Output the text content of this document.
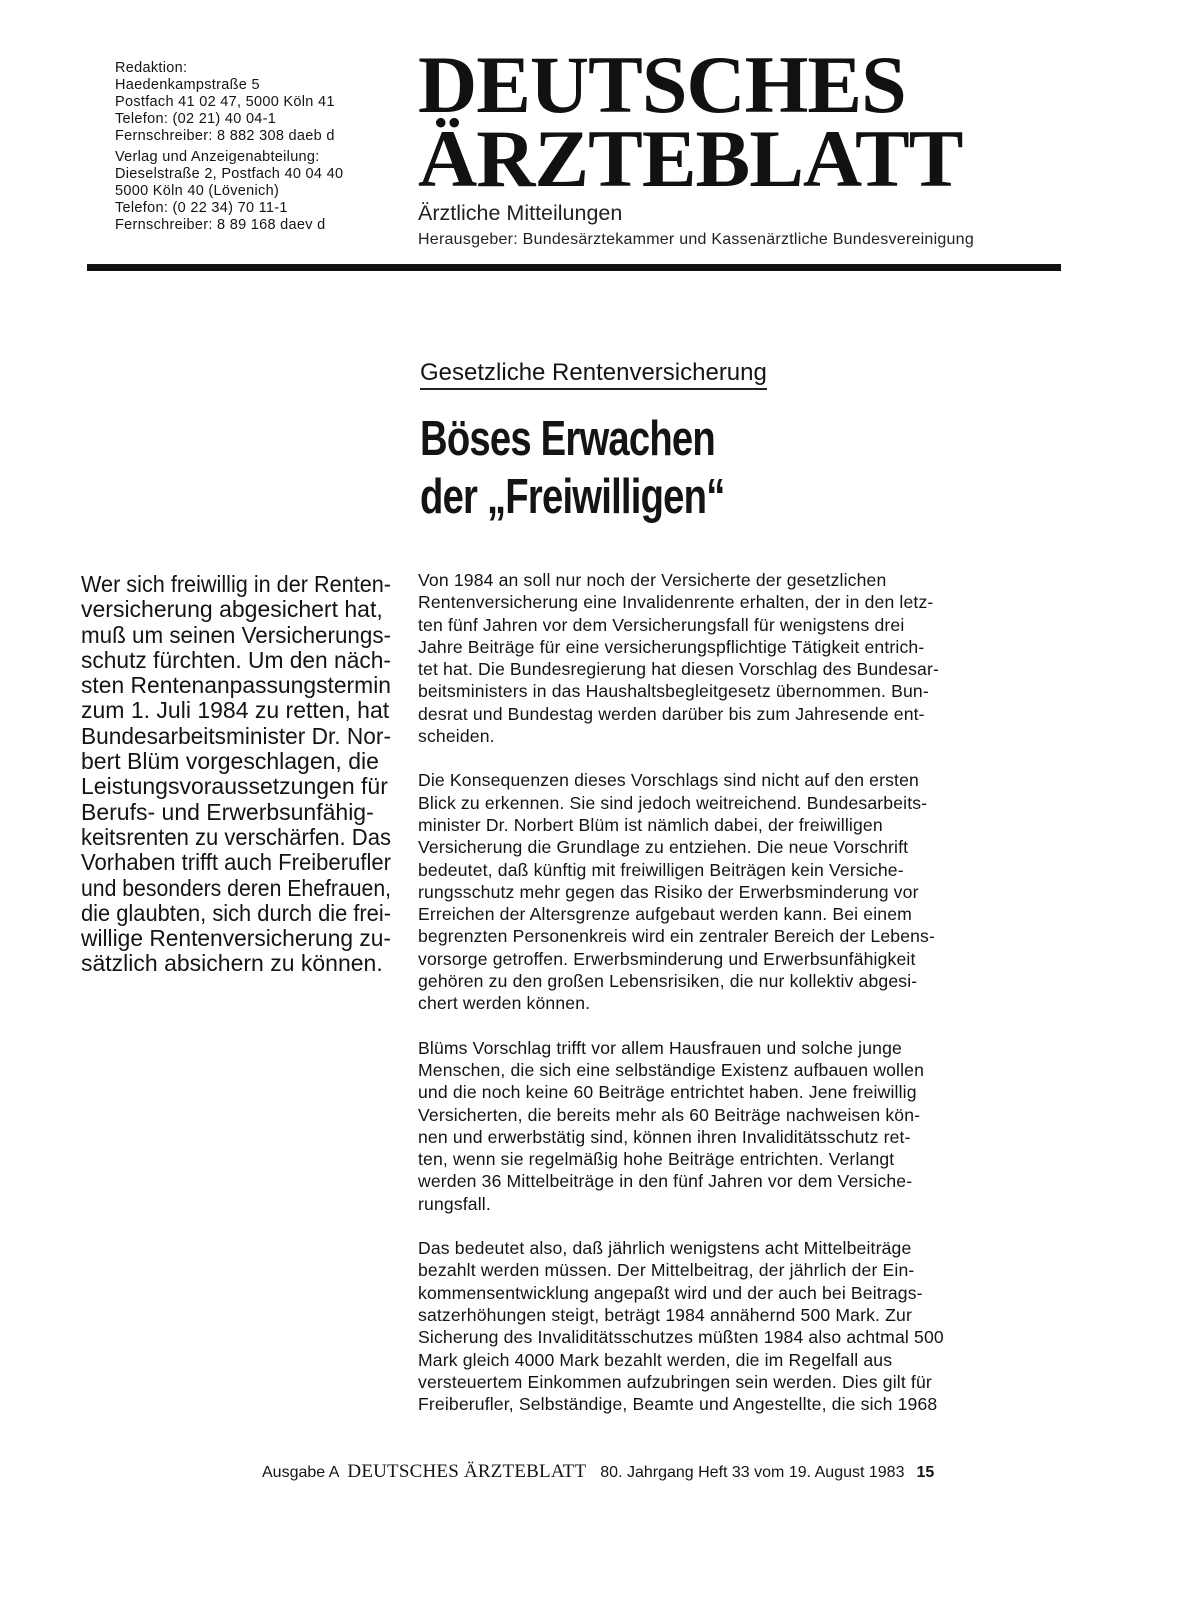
Redaktion:
Haedenkampstraße 5
Postfach 41 02 47, 5000 Köln 41
Telefon: (02 21) 40 04-1
Fernschreiber: 8 882 308 daeb d
Verlag und Anzeigenabteilung:
Dieselstraße 2, Postfach 40 04 40
5000 Köln 40 (Lövenich)
Telefon: (0 22 34) 70 11-1
Fernschreiber: 8 89 168 daev d
DEUTSCHES
ÄRZTEBLATT
Ärztliche Mitteilungen
Herausgeber: Bundesärztekammer und Kassenärztliche Bundesvereinigung
Gesetzliche Rentenversicherung
Böses Erwachen
der „Freiwilligen“
Wer sich freiwillig in der Renten-
versicherung abgesichert hat,
muß um seinen Versicherungs-
schutz fürchten. Um den näch-
sten Rentenanpassungstermin
zum 1. Juli 1984 zu retten, hat
Bundesarbeitsminister Dr. Nor-
bert Blüm vorgeschlagen, die
Leistungsvoraussetzungen für
Berufs- und Erwerbsunfähig-
keitsrenten zu verschärfen. Das
Vorhaben trifft auch Freiberufler
und besonders deren Ehefrauen,
die glaubten, sich durch die frei-
willige Rentenversicherung zu-
sätzlich absichern zu können.
Von 1984 an soll nur noch der Versicherte der gesetzlichen
Rentenversicherung eine Invalidenrente erhalten, der in den letz-
ten fünf Jahren vor dem Versicherungsfall für wenigstens drei
Jahre Beiträge für eine versicherungspflichtige Tätigkeit entrich-
tet hat. Die Bundesregierung hat diesen Vorschlag des Bundesar-
beitsministers in das Haushaltsbegleitgesetz übernommen. Bun-
desrat und Bundestag werden darüber bis zum Jahresende ent-
scheiden.
Die Konsequenzen dieses Vorschlags sind nicht auf den ersten
Blick zu erkennen. Sie sind jedoch weitreichend. Bundesarbeits-
minister Dr. Norbert Blüm ist nämlich dabei, der freiwilligen
Versicherung die Grundlage zu entziehen. Die neue Vorschrift
bedeutet, daß künftig mit freiwilligen Beiträgen kein Versiche-
rungsschutz mehr gegen das Risiko der Erwerbsminderung vor
Erreichen der Altersgrenze aufgebaut werden kann. Bei einem
begrenzten Personenkreis wird ein zentraler Bereich der Lebens-
vorsorge getroffen. Erwerbsminderung und Erwerbsunfähigkeit
gehören zu den großen Lebensrisiken, die nur kollektiv abgesi-
chert werden können.
Blüms Vorschlag trifft vor allem Hausfrauen und solche junge
Menschen, die sich eine selbständige Existenz aufbauen wollen
und die noch keine 60 Beiträge entrichtet haben. Jene freiwillig
Versicherten, die bereits mehr als 60 Beiträge nachweisen kön-
nen und erwerbstätig sind, können ihren Invaliditätsschutz ret-
ten, wenn sie regelmäßig hohe Beiträge entrichten. Verlangt
werden 36 Mittelbeiträge in den fünf Jahren vor dem Versiche-
rungsfall.
Das bedeutet also, daß jährlich wenigstens acht Mittelbeiträge
bezahlt werden müssen. Der Mittelbeitrag, der jährlich der Ein-
kommensentwicklung angepaßt wird und der auch bei Beitrags-
satzerhöhungen steigt, beträgt 1984 annähernd 500 Mark. Zur
Sicherung des Invaliditätsschutzes müßten 1984 also achtmal 500
Mark gleich 4000 Mark bezahlt werden, die im Regelfall aus
versteuertem Einkommen aufzubringen sein werden. Dies gilt für
Freiberufler, Selbständige, Beamte und Angestellte, die sich 1968
Ausgabe A DEUTSCHES ÄRZTEBLATT 80. Jahrgang Heft 33 vom 19. August 1983 15
